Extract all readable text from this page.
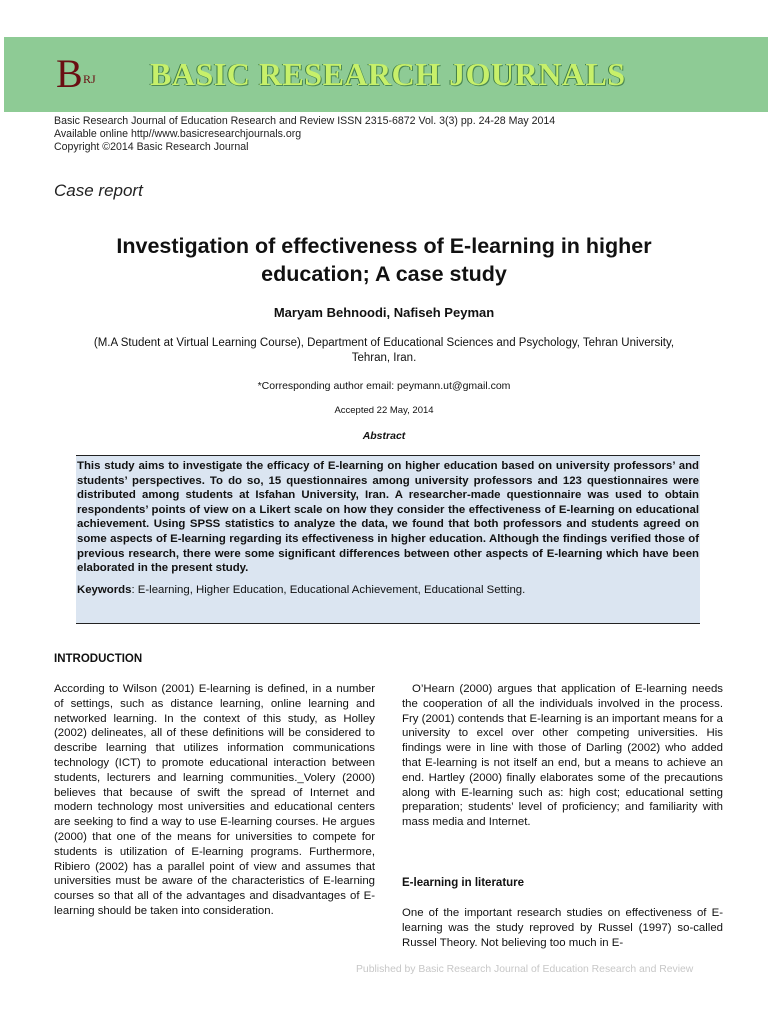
B RJ BASIC RESEARCH JOURNALS
Basic Research Journal of Education Research and Review ISSN 2315-6872 Vol. 3(3) pp. 24-28 May 2014
Available online http//www.basicresearchjournals.org
Copyright ©2014 Basic Research Journal
Case report
Investigation of effectiveness of E-learning in higher
education; A case study
Maryam Behnoodi, Nafiseh Peyman
(M.A Student at Virtual Learning Course), Department of Educational Sciences and Psychology, Tehran University,
Tehran, Iran.
*Corresponding author email: peymann.ut@gmail.com
Accepted 22 May, 2014
Abstract
This study aims to investigate the efficacy of E-learning on higher education based on university professors’ and students’ perspectives. To do so, 15 questionnaires among university professors and 123 questionnaires were distributed among students at Isfahan University, Iran. A researcher-made questionnaire was used to obtain respondents’ points of view on a Likert scale on how they consider the effectiveness of E-learning on educational achievement. Using SPSS statistics to analyze the data, we found that both professors and students agreed on some aspects of E-learning regarding its effectiveness in higher education. Although the findings verified those of previous research, there were some significant differences between other aspects of E-learning which have been elaborated in the present study.
Keywords: E-learning, Higher Education, Educational Achievement, Educational Setting.
INTRODUCTION

According to Wilson (2001) E-learning is defined, in a number of settings, such as distance learning, online learning and networked learning. In the context of this study, as Holley (2002) delineates, all of these definitions will be considered to describe learning that utilizes information communications technology (ICT) to promote educational interaction between students, lecturers and learning communities._Volery (2000) believes that because of swift the spread of Internet and modern technology most universities and educational centers are seeking to find a way to use E-learning courses. He argues (2000) that one of the means for universities to compete for students is utilization of E-learning programs. Furthermore, Ribiero (2002) has a parallel point of view and assumes that universities must be aware of the characteristics of E-learning courses so that all of the advantages and disadvantages of E-learning should be taken into consideration.

O’Hearn (2000) argues that application of E-learning needs the cooperation of all the individuals involved in the process. Fry (2001) contends that E-learning is an important means for a university to excel over other competing universities. His findings were in line with those of Darling (2002) who added that E-learning is not itself an end, but a means to achieve an end. Hartley (2000) finally elaborates some of the precautions along with E-learning such as: high cost; educational setting preparation; students’ level of proficiency; and familiarity with mass media and Internet.
E-learning in literature
One of the important research studies on effectiveness of E-learning was the study reproved by Russel (1997) so-called Russel Theory. Not believing too much in E-
Published by Basic Research Journal of Education Research and Review
